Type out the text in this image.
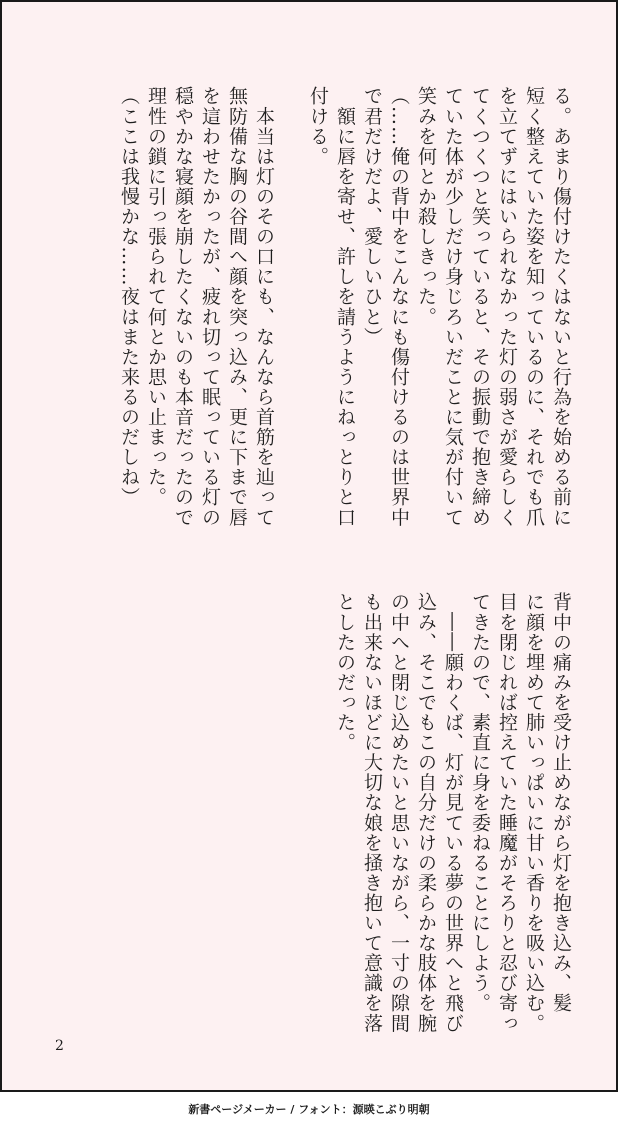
る。あまり傷付けたくはないと行為を始める前に
短く整えていた姿を知っているのに、それでも爪
を立てずにはいられなかった灯の弱さが愛らしく
てくつくつと笑っていると、その振動で抱き締め
ていた体が少しだけ身じろいだことに気が付いて
笑みを何とか殺しきった。
（……俺の背中をこんなにも傷付けるのは世界中
で君だけだよ、愛しいひと）
　額に唇を寄せ、許しを請うようにねっとりと口
付ける。
　本当は灯のその口にも、なんなら首筋を辿って
無防備な胸の谷間へ顔を突っ込み、更に下まで唇
を這わせたかったが、疲れ切って眠っている灯の
穏やかな寝顔を崩したくないのも本音だったので
理性の鎖に引っ張られて何とか思い止まった。
（ここは我慢かな……夜はまた来るのだしね）
背中の痛みを受け止めながら灯を抱き込み、髪
に顔を埋めて肺いっぱいに甘い香りを吸い込む。
目を閉じれば控えていた睡魔がそろりと忍び寄っ
てきたので、素直に身を委ねることにしよう。
　――願わくば、灯が見ている夢の世界へと飛び
込み、そこでもこの自分だけの柔らかな肢体を腕
の中へと閉じ込めたいと思いながら、一寸の隙間
も出来ないほどに大切な娘を掻き抱いて意識を落
としたのだった。
2
新書ページメーカー / フォント：源暎こぶり明朝
